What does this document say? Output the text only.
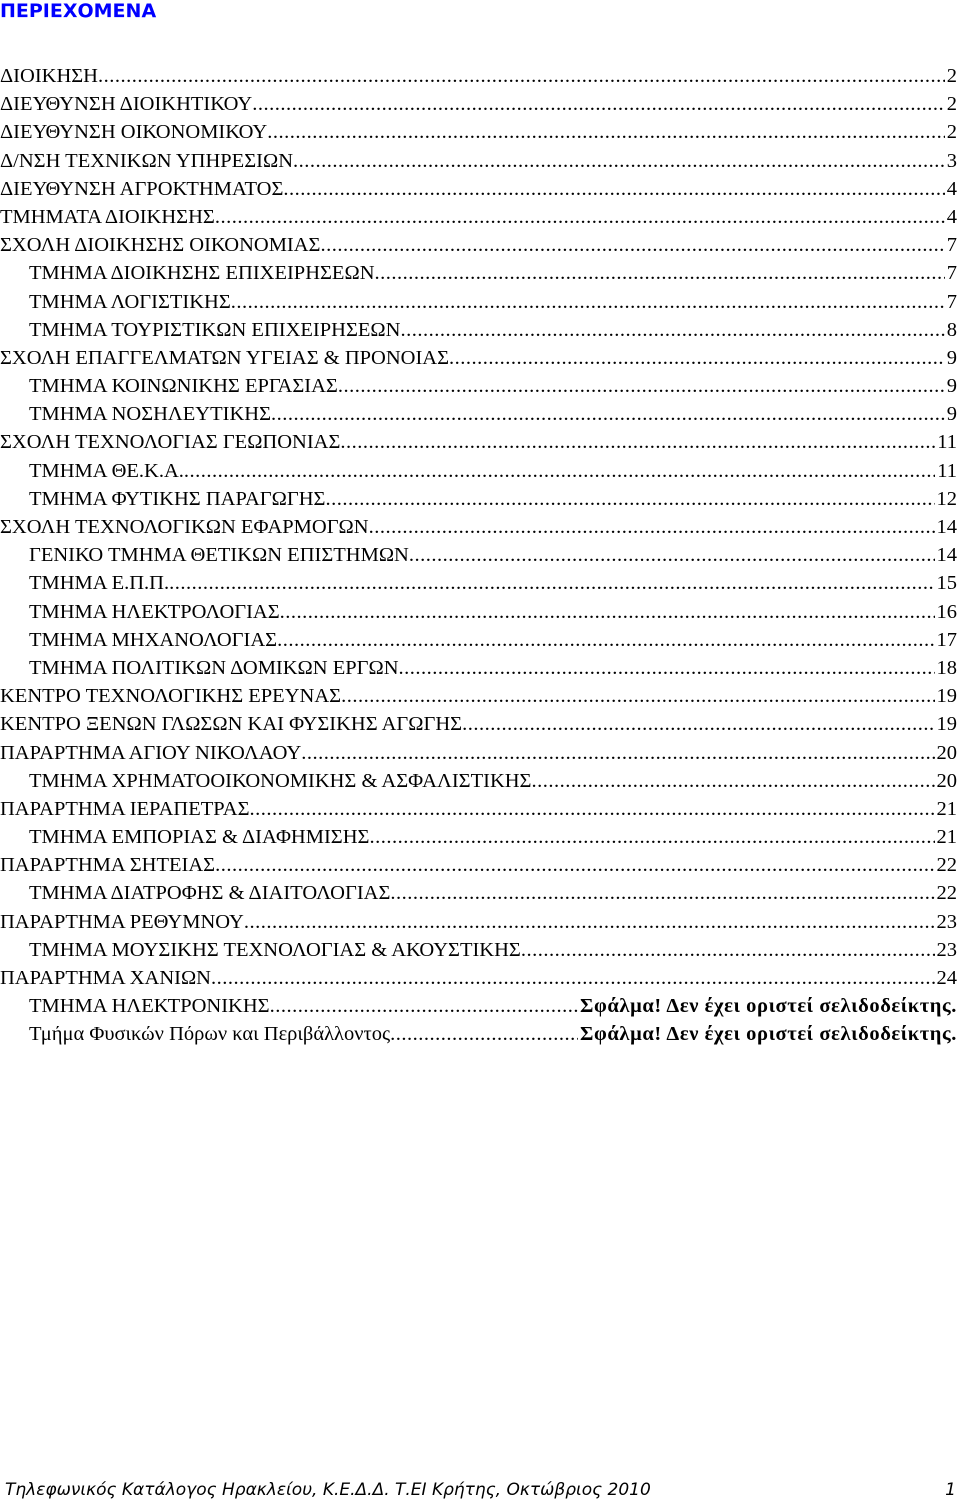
ΠΕΡΙΕΧΟΜΕΝΑ
ΔΙΟΙΚΗΣΗ .....	2
ΔΙΕΥΘΥΝΣΗ ΔΙΟΙΚΗΤΙΚΟΥ .....	2
ΔΙΕΥΘΥΝΣΗ ΟΙΚΟΝΟΜΙΚΟΥ .....	2
Δ/ΝΣΗ ΤΕΧΝΙΚΩΝ ΥΠΗΡΕΣΙΩΝ .....	3
ΔΙΕΥΘΥΝΣΗ ΑΓΡΟΚΤΗΜΑΤΟΣ .....	4
ΤΜΗΜΑΤΑ ΔΙΟΙΚΗΣΗΣ .....	4
ΣΧΟΛΗ ΔΙΟΙΚΗΣΗΣ ΟΙΚΟΝΟΜΙΑΣ .....	7
ΤΜΗΜΑ ΔΙΟΙΚΗΣΗΣ ΕΠΙΧΕΙΡΗΣΕΩΝ .....	7
ΤΜΗΜΑ ΛΟΓΙΣΤΙΚΗΣ .....	7
ΤΜΗΜΑ ΤΟΥΡΙΣΤΙΚΩΝ ΕΠΙΧΕΙΡΗΣΕΩΝ .....	8
ΣΧΟΛΗ ΕΠΑΓΓΕΛΜΑΤΩΝ ΥΓΕΙΑΣ & ΠΡΟΝΟΙΑΣ .....	9
ΤΜΗΜΑ ΚΟΙΝΩΝΙΚΗΣ ΕΡΓΑΣΙΑΣ .....	9
ΤΜΗΜΑ ΝΟΣΗΛΕΥΤΙΚΗΣ .....	9
ΣΧΟΛΗ ΤΕΧΝΟΛΟΓΙΑΣ ΓΕΩΠΟΝΙΑΣ .....	11
ΤΜΗΜΑ ΘΕ.Κ.Α. .....	11
ΤΜΗΜΑ ΦΥΤΙΚΗΣ ΠΑΡΑΓΩΓΗΣ .....	12
ΣΧΟΛΗ ΤΕΧΝΟΛΟΓΙΚΩΝ ΕΦΑΡΜΟΓΩΝ .....	14
ΓΕΝΙΚΟ ΤΜΗΜΑ ΘΕΤΙΚΩΝ ΕΠΙΣΤΗΜΩΝ .....	14
ΤΜΗΜΑ Ε.Π.Π. .....	15
ΤΜΗΜΑ ΗΛΕΚΤΡΟΛΟΓΙΑΣ .....	16
ΤΜΗΜΑ ΜΗΧΑΝΟΛΟΓΙΑΣ .....	17
ΤΜΗΜΑ ΠΟΛΙΤΙΚΩΝ ΔΟΜΙΚΩΝ ΕΡΓΩΝ .....	18
ΚΕΝΤΡΟ ΤΕΧΝΟΛΟΓΙΚΗΣ ΕΡΕΥΝΑΣ .....	19
ΚΕΝΤΡΟ ΞΕΝΩΝ ΓΛΩΣΩΝ ΚΑΙ ΦΥΣΙΚΗΣ ΑΓΩΓΗΣ .....	19
ΠΑΡΑΡΤΗΜΑ ΑΓΙΟΥ ΝΙΚΟΛΑΟΥ .....	20
ΤΜΗΜΑ ΧΡΗΜΑΤΟΟΙΚΟΝΟΜΙΚΗΣ & ΑΣΦΑΛΙΣΤΙΚΗΣ .....	20
ΠΑΡΑΡΤΗΜΑ ΙΕΡΑΠΕΤΡΑΣ .....	21
ΤΜΗΜΑ ΕΜΠΟΡΙΑΣ & ΔΙΑΦΗΜΙΣΗΣ .....	21
ΠΑΡΑΡΤΗΜΑ ΣΗΤΕΙΑΣ .....	22
ΤΜΗΜΑ ΔΙΑΤΡΟΦΗΣ & ΔΙΑΙΤΟΛΟΓΙΑΣ .....	22
ΠΑΡΑΡΤΗΜΑ ΡΕΘΥΜΝΟΥ .....	23
ΤΜΗΜΑ ΜΟΥΣΙΚΗΣ ΤΕΧΝΟΛΟΓΙΑΣ & ΑΚΟΥΣΤΙΚΗΣ .....	23
ΠΑΡΑΡΤΗΜΑ ΧΑΝΙΩΝ .....	24
ΤΜΗΜΑ ΗΛΕΚΤΡΟΝΙΚΗΣ .....	Σφάλμα! Δεν έχει οριστεί σελιδοδείκτης.
Τμήμα Φυσικών Πόρων και Περιβάλλοντος .....	Σφάλμα! Δεν έχει οριστεί σελιδοδείκτης.
Τηλεφωνικός Κατάλογος Ηρακλείου, Κ.Ε.Δ.Δ. Τ.ΕΙ Κρήτης, Οκτώβριος 2010	1
